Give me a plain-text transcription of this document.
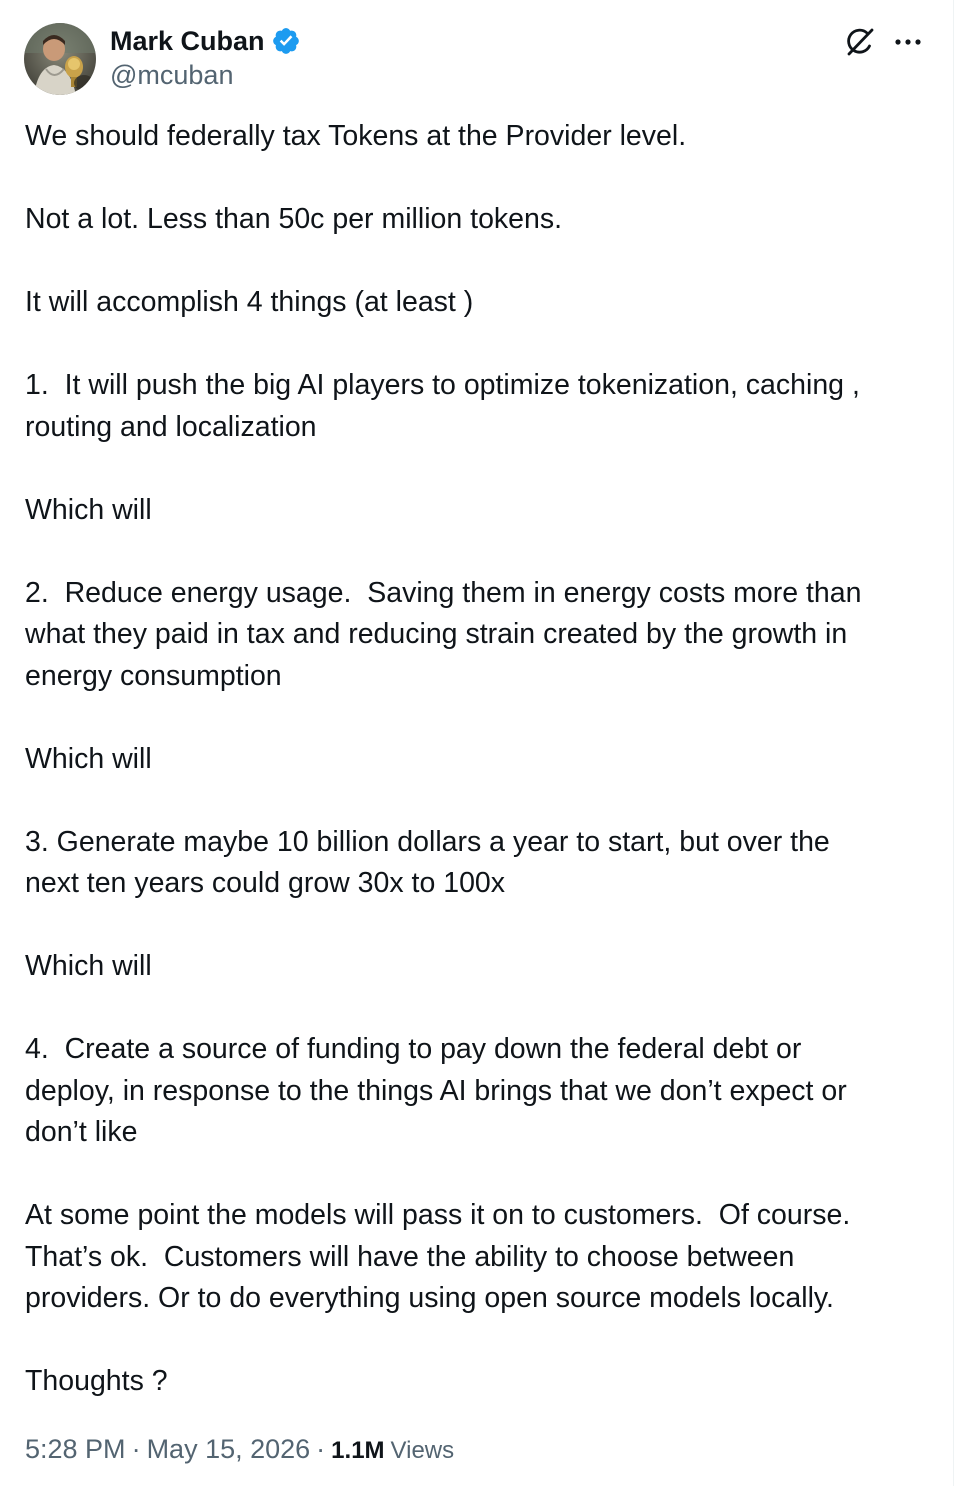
Mark Cuban
@mcuban

We should federally tax Tokens at the Provider level.

Not a lot. Less than 50c per million tokens.

It will accomplish 4 things (at least )

1.  It will push the big AI players to optimize tokenization, caching ,

routing and localization

Which will

2.  Reduce energy usage.  Saving them in energy costs more than

what they paid in tax and reducing strain created by the growth in

energy consumption

Which will

3. Generate maybe 10 billion dollars a year to start, but over the

next ten years could grow 30x to 100x

Which will

4.  Create a source of funding to pay down the federal debt or

deploy, in response to the things AI brings that we don’t expect or

don’t like

At some point the models will pass it on to customers.  Of course.

That’s ok.  Customers will have the ability to choose between

providers. Or to do everything using open source models locally.

Thoughts ?

5:28 PM · May 15, 2026 · 1.1M Views
